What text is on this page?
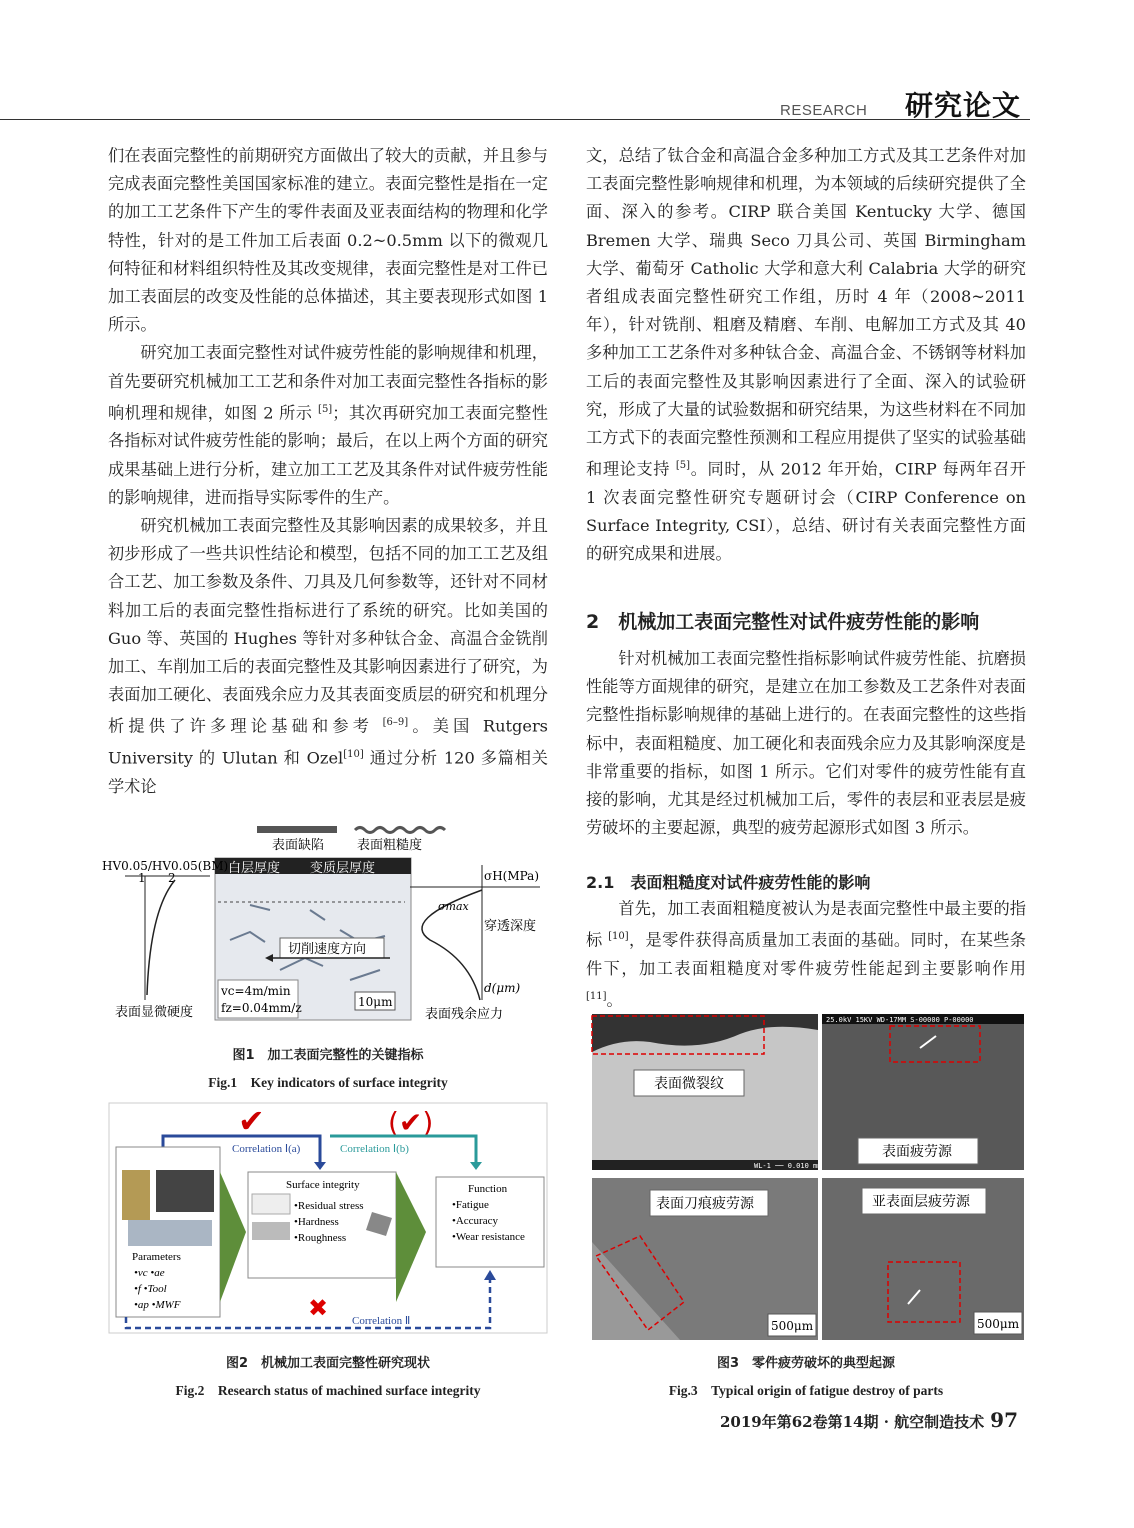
RESEARCH 研究论文

们在表面完整性的前期研究方面做出了较大的贡献，并且参与完成表面完整性美国国家标准的建立。表面完整性是指在一定的加工工艺条件下产生的零件表面及亚表面结构的物理和化学特性，针对的是工件加工后表面 0.2~0.5mm 以下的微观几何特征和材料组织特性及其改变规律，表面完整性是对工件已加工表面层的改变及性能的总体描述，其主要表现形式如图 1 所示。

研究加工表面完整性对试件疲劳性能的影响规律和机理，首先要研究机械加工工艺和条件对加工表面完整性各指标的影响机理和规律，如图 2 所示 [5]；其次再研究加工表面完整性各指标对试件疲劳性能的影响；最后，在以上两个方面的研究成果基础上进行分析，建立加工工艺及其条件对试件疲劳性能的影响规律，进而指导实际零件的生产。

研究机械加工表面完整性及其影响因素的成果较多，并且初步形成了一些共识性结论和模型，包括不同的加工工艺及组合工艺、加工参数及条件、刀具及几何参数等，还针对不同材料加工后的表面完整性指标进行了系统的研究。比如美国的 Guo 等、英国的 Hughes 等针对多种钛合金、高温合金铣削加工、车削加工后的表面完整性及其影响因素进行了研究，为表面加工硬化、表面残余应力及其表面变质层的研究和机理分析提供了许多理论基础和参考 [6–9]。美国 Rutgers University 的 Ulutan 和 Ozel[10] 通过分析 120 多篇相关学术论

文，总结了钛合金和高温合金多种加工方式及其工艺条件对加工表面完整性影响规律和机理，为本领域的后续研究提供了全面、深入的参考。CIRP 联合美国 Kentucky 大学、德国 Bremen 大学、瑞典 Seco 刀具公司、英国 Birmingham 大学、葡萄牙 Catholic 大学和意大利 Calabria 大学的研究者组成表面完整性研究工作组，历时 4 年（2008~2011 年），针对铣削、粗磨及精磨、车削、电解加工方式及其 40 多种加工工艺条件对多种钛合金、高温合金、不锈钢等材料加工后的表面完整性及其影响因素进行了全面、深入的试验研究，形成了大量的试验数据和研究结果，为这些材料在不同加工方式下的表面完整性预测和工程应用提供了坚实的试验基础和理论支持 [5]。同时，从 2012 年开始，CIRP 每两年召开 1 次表面完整性研究专题研讨会（CIRP Conference on Surface Integrity, CSI），总结、研讨有关表面完整性方面的研究成果和进展。

2　机械加工表面完整性对试件疲劳性能的影响

针对机械加工表面完整性指标影响试件疲劳性能、抗磨损性能等方面规律的研究，是建立在加工参数及工艺条件对表面完整性指标影响规律的基础上进行的。在表面完整性的这些指标中，表面粗糙度、加工硬化和表面残余应力及其影响深度是非常重要的指标，如图 1 所示。它们对零件的疲劳性能有直接的影响，尤其是经过机械加工后，零件的表层和亚表层是疲劳破坏的主要起源，典型的疲劳起源形式如图 3 所示。

2.1　表面粗糙度对试件疲劳性能的影响

首先，加工表面粗糙度被认为是表面完整性中最主要的指标 [10]，是零件获得高质量加工表面的基础。同时，在某些条件下，加工表面粗糙度对零件疲劳性能起到主要影响作用 [11]。

表面缺陷	表面粗糙度
白层厚度 变质层厚度
切削速度方向
vc=4m/min
fz=0.04mm/z	10μm
HV0.05/HV0.05(BM)
1 2
表面显微硬度
σH(MPa)
σmax
穿透深度
d(μm)
表面残余应力
图1　加工表面完整性的关键指标
Fig.1　Key indicators of surface integrity
✔	(✔)
Correlation Ⅰ(a)	Correlation Ⅰ(b)
Parameters
•vc •ae
•f •Tool
•ap •MWF
Surface integrity
•Residual stress
•Hardness
•Roughness
Function
•Fatigue
•Accuracy
•Wear resistance
✖ Correlation Ⅱ
图2　机械加工表面完整性研究现状
Fig.2　Research status of machined surface integrity
表面微裂纹
WL-1 ── 0.010 mm
25.0kV 15KV WD-17MM S-00000 P-00000
表面疲劳源
表面刀痕疲劳源
500μm
亚表面层疲劳源
500μm
图3　零件疲劳破坏的典型起源
Fig.3　Typical origin of fatigue destroy of parts
2019年第62卷第14期 · 航空制造技术 97
